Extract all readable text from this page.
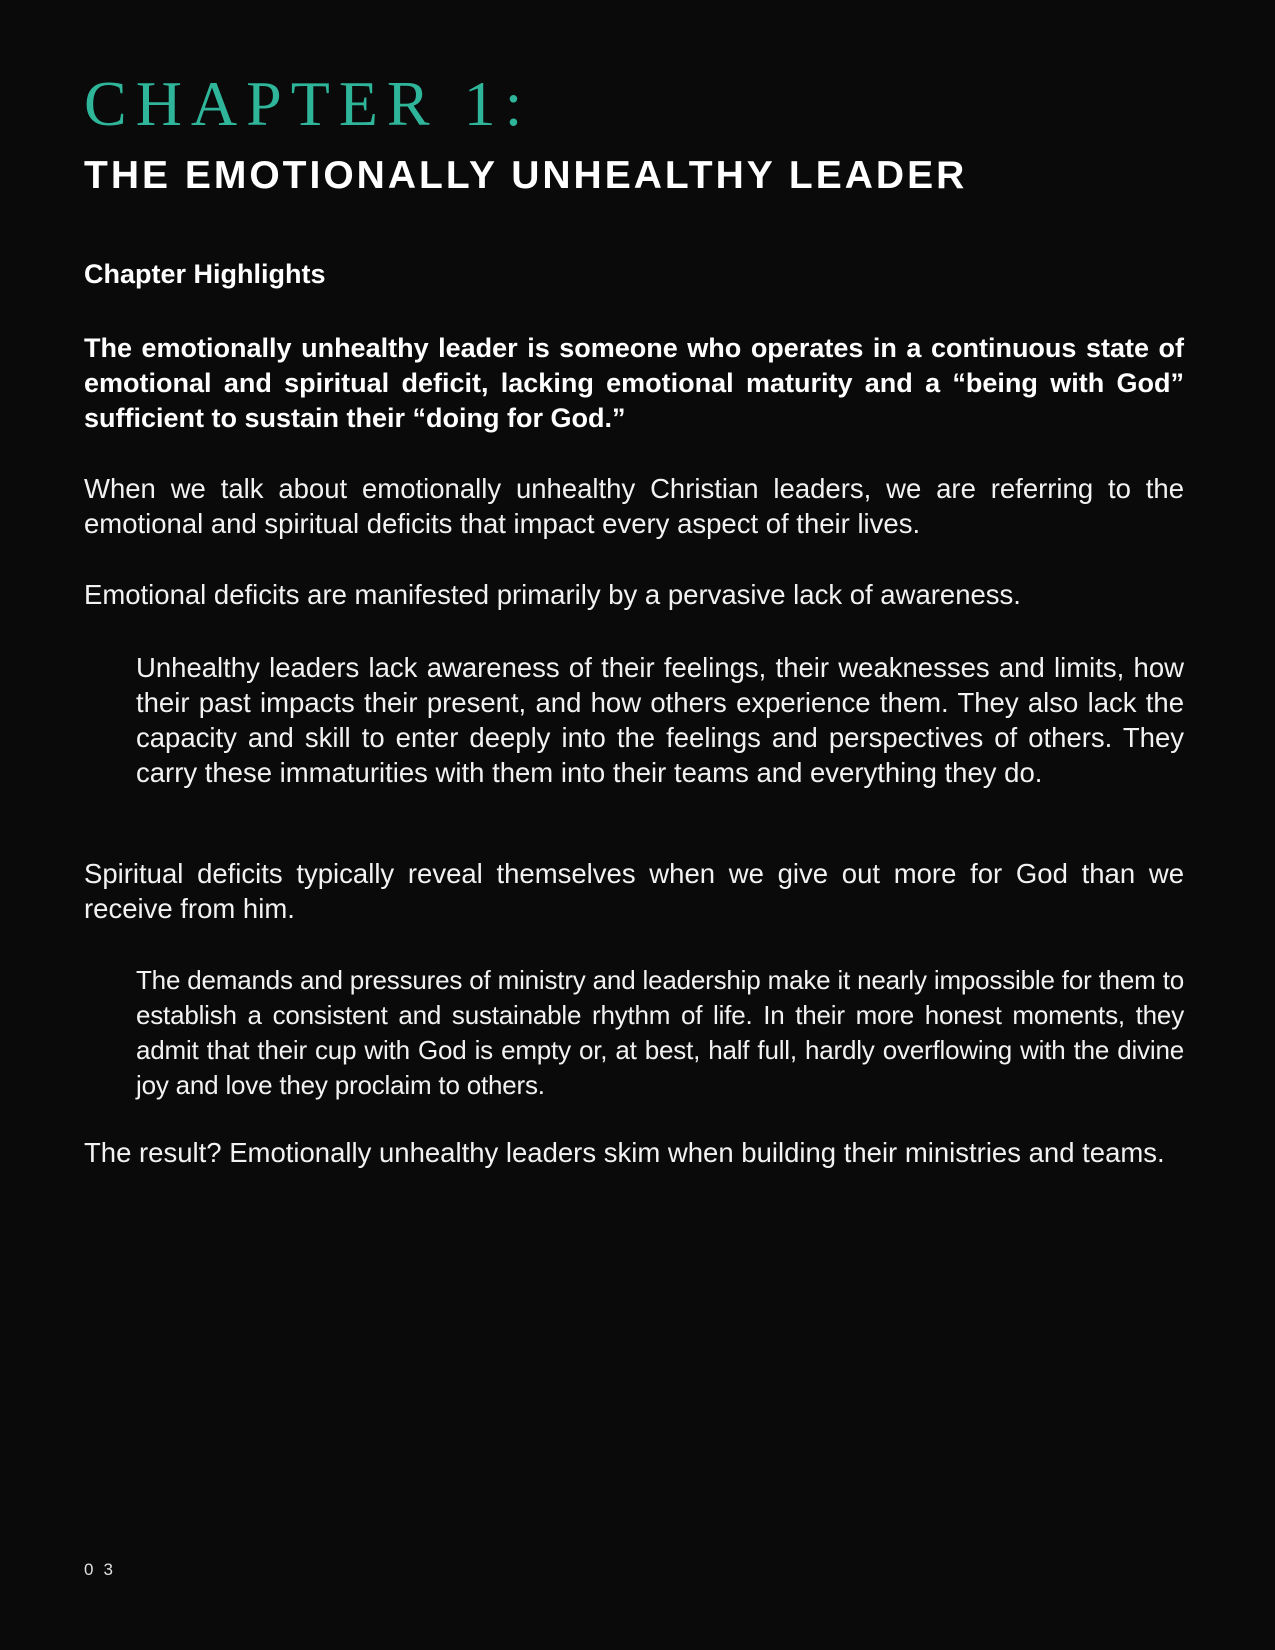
CHAPTER 1:
THE EMOTIONALLY UNHEALTHY LEADER
Chapter Highlights

The emotionally unhealthy leader is someone who operates in a continuous state of emotional and spiritual deficit, lacking emotional maturity and a “being with God” sufficient to sustain their “doing for God.”

When we talk about emotionally unhealthy Christian leaders, we are referring to the emotional and spiritual deficits that impact every aspect of their lives.

Emotional deficits are manifested primarily by a pervasive lack of awareness.

Unhealthy leaders lack awareness of their feelings, their weaknesses and limits, how their past impacts their present, and how others experience them. They also lack the capacity and skill to enter deeply into the feelings and perspectives of others. They carry these immaturities with them into their teams and everything they do.

Spiritual deficits typically reveal themselves when we give out more for God than we receive from him.

The demands and pressures of ministry and leadership make it nearly impossible for them to establish a consistent and sustainable rhythm of life. In their more honest moments, they admit that their cup with God is empty or, at best, half full, hardly overflowing with the divine joy and love they proclaim to others.

The result? Emotionally unhealthy leaders skim when building their ministries and teams.

03
